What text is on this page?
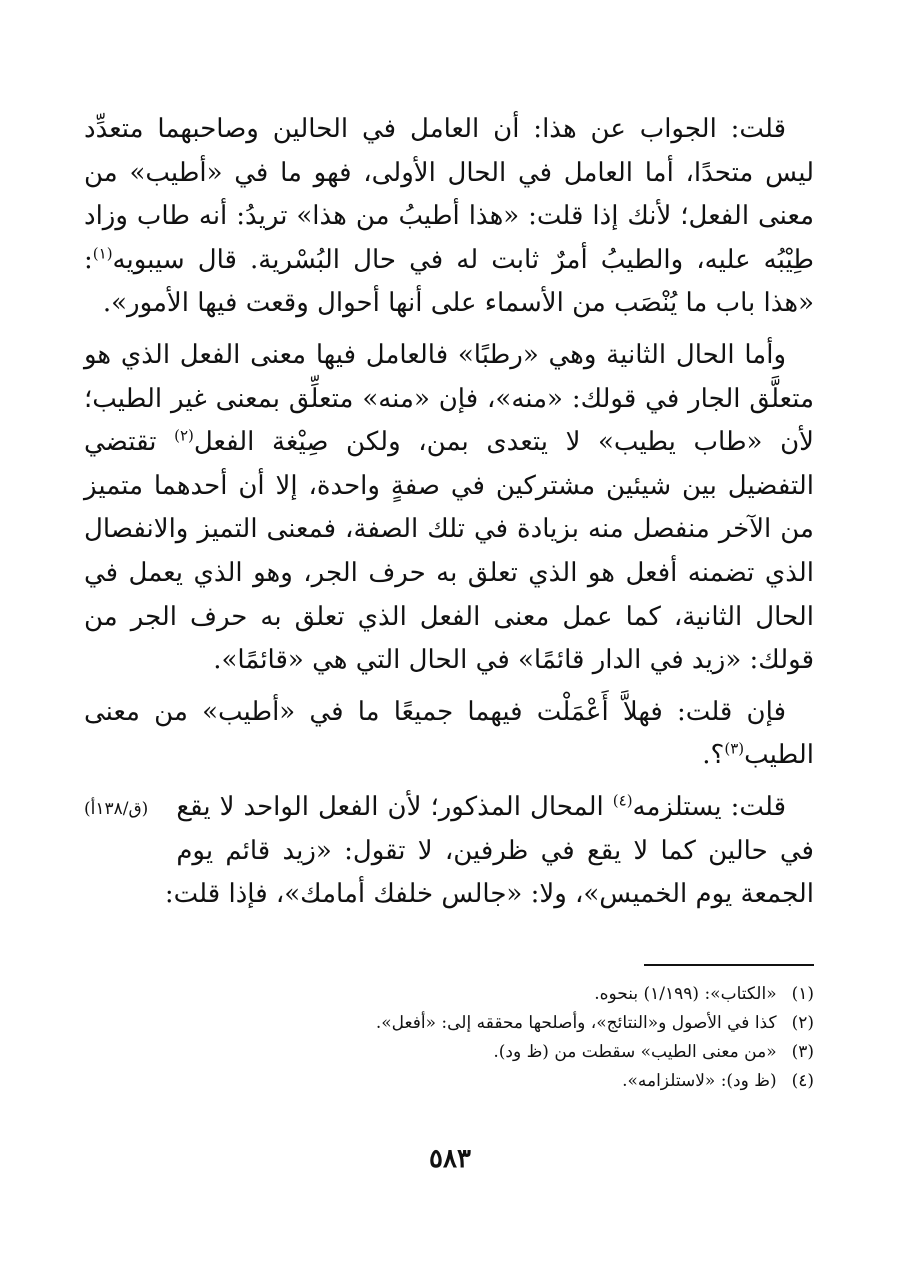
قلت: الجواب عن هذا: أن العامل في الحالين وصاحبهما متعدِّد ليس متحدًا، أما العامل في الحال الأولى، فهو ما في «أطيب» من معنى الفعل؛ لأنك إذا قلت: «هذا أطيبُ من هذا» تريدُ: أنه طاب وزاد طِيْبُه عليه، والطيبُ أمرٌ ثابت له في حال البُسْرية. قال سيبويه$^{(١)}$: «هذا باب ما يُنْصَب من الأسماء على أنها أحوال وقعت فيها الأمور».

وأما الحال الثانية وهي «رطبًا» فالعامل فيها معنى الفعل الذي هو متعلَّق الجار في قولك: «منه»، فإن «منه» متعلِّق بمعنى غير الطيب؛ لأن «طاب يطيب» لا يتعدى بمن، ولكن صِيْغة الفعل$^{(٢)}$ تقتضي التفضيل بين شيئين مشتركين في صفةٍ واحدة، إلا أن أحدهما متميز من الآخر منفصل منه بزيادة في تلك الصفة، فمعنى التميز والانفصال الذي تضمنه أفعل هو الذي تعلق به حرف الجر، وهو الذي يعمل في الحال الثانية، كما عمل معنى الفعل الذي تعلق به حرف الجر من قولك: «زيد في الدار قائمًا» في الحال التي هي «قائمًا».

فإن قلت: فهلاَّ أَعْمَلْت فيهما جميعًا ما في «أطيب» من معنى الطيب$^{(٣)}$؟.

(ق/١٣٨أ)	قلت: يستلزمه$^{(٤)}$ المحال المذكور؛ لأن الفعل الواحد لا يقع في حالين كما لا يقع في ظرفين، لا تقول: «زيد قائم يوم الجمعة يوم الخميس»، ولا: «جالس خلفك أمامك»، فإذا قلت:

(١) «الكتاب»: (١/١٩٩) بنحوه.
(٢) كذا في الأصول و«النتائج»، وأصلحها محققه إلى: «أفعل».
(٣) «من معنى الطيب» سقطت من (ظ ود).
(٤) (ظ ود): «لاستلزامه».
٥٨٣
